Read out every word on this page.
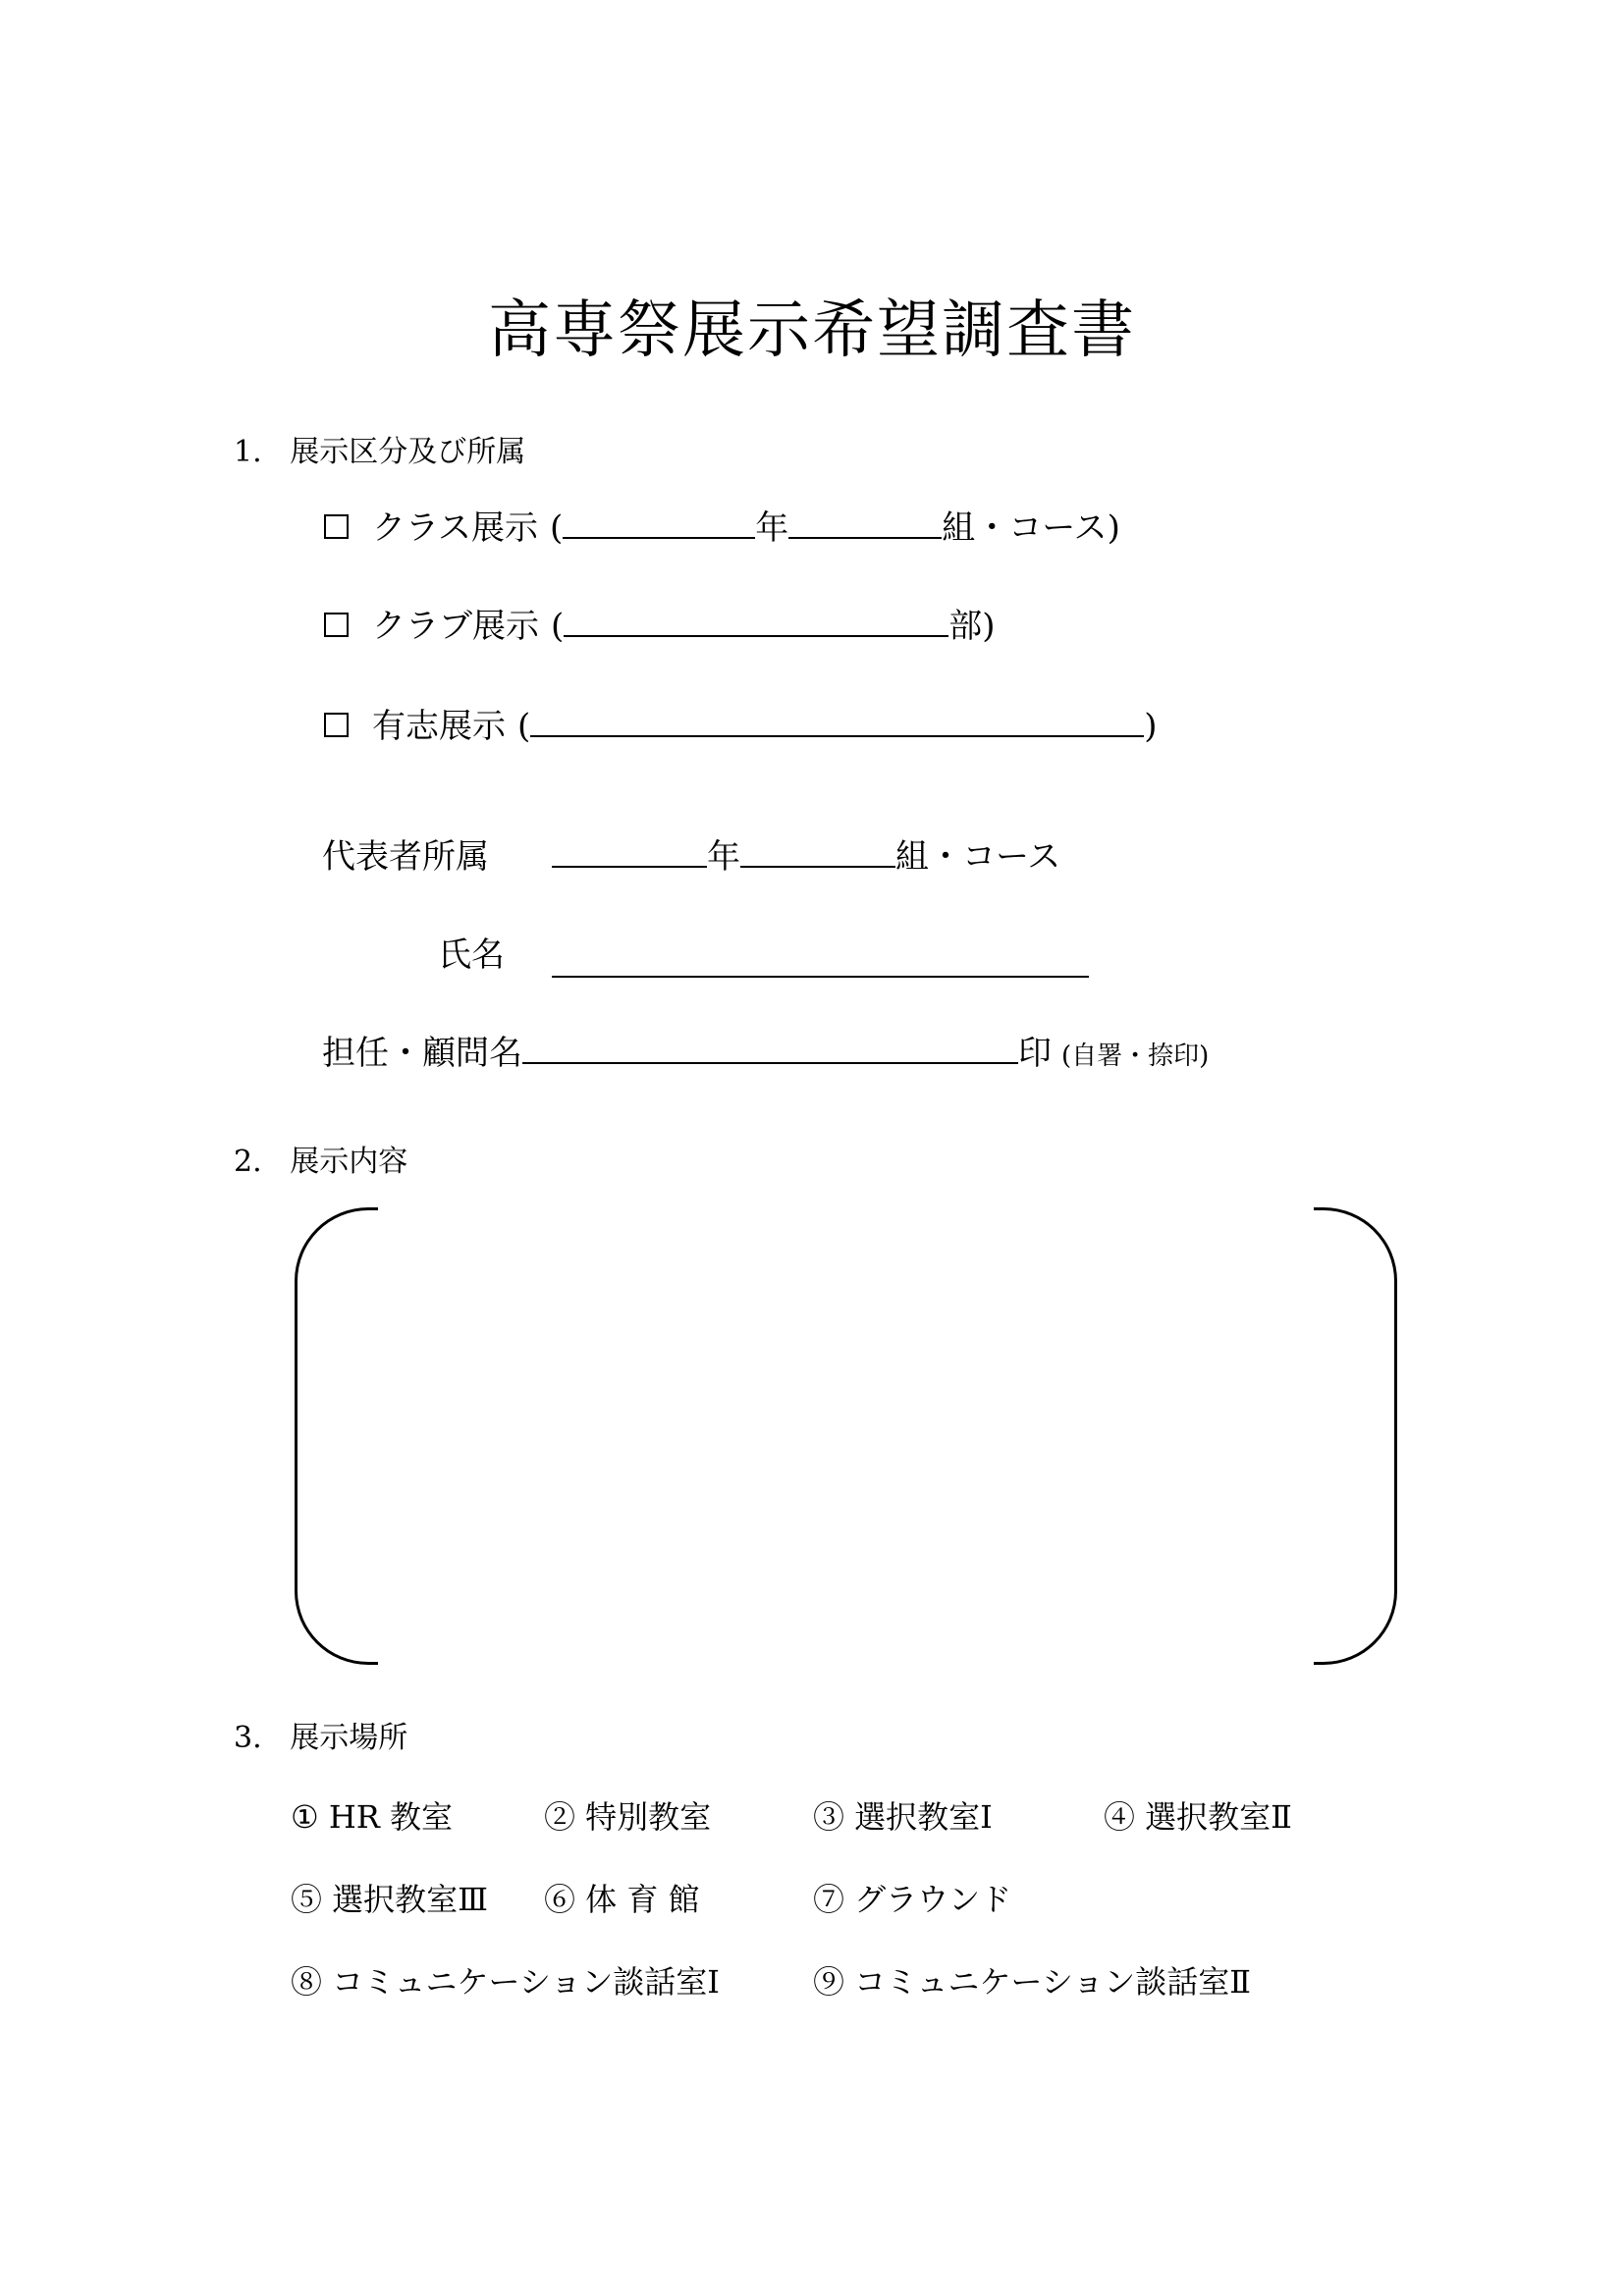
高専祭展示希望調査書
1. 展示区分及び所属
クラス展示 (	年	組・コース )
クラブ展示 (	部 )
有志展示 (	)
代表者所属	年	組・コース
氏名
担任・顧問名	印 (自署・捺印)
2. 展示内容
3. 展示場所
① HR 教室	② 特別教室	③ 選択教室Ⅰ	④ 選択教室Ⅱ
⑤ 選択教室Ⅲ ⑥ 体 育 館	⑦ グラウンド
⑧ コミュニケーション談話室Ⅰ	⑨ コミュニケーション談話室Ⅱ
